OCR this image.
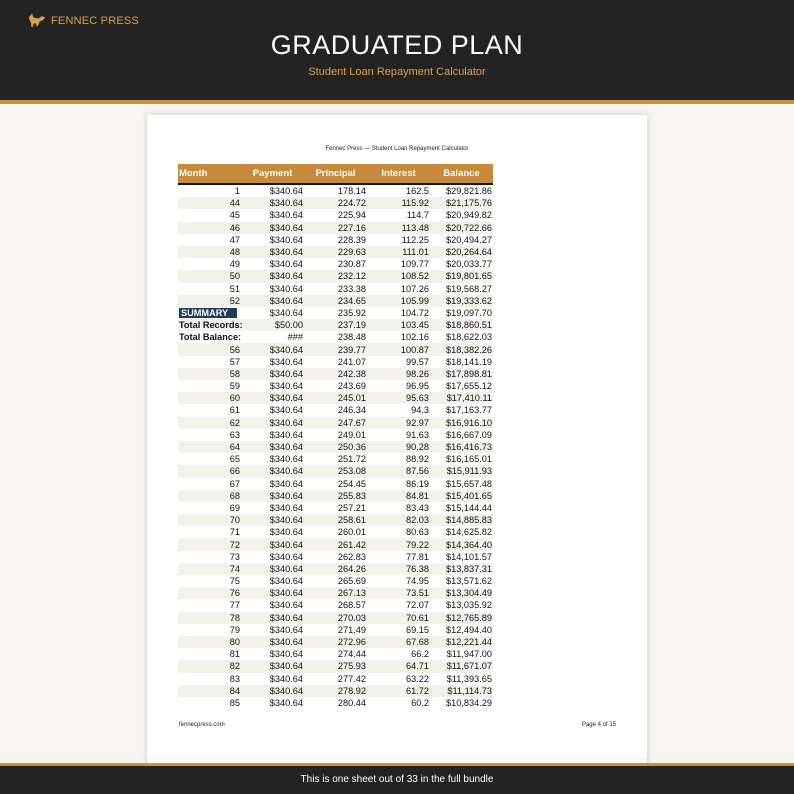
FENNEC PRESS
GRADUATED PLAN
Student Loan Repayment Calculator
Fennec Press — Student Loan Repayment Calculator
Month	Payment	Principal	Interest	Balance
1	$340.64	178.14	162.5	$29,821.86
44	$340.64	224.72	115.92	$21,175.76
45	$340.64	225.94	114.7	$20,949.82
46	$340.64	227.16	113.48	$20,722.66
47	$340.64	228.39	112.25	$20,494.27
48	$340.64	229.63	111.01	$20,264.64
49	$340.64	230.87	109.77	$20,033.77
50	$340.64	232.12	108.52	$19,801.65
51	$340.64	233.38	107.26	$19,568.27
52	$340.64	234.65	105.99	$19,333.62
SUMMARY	$340.64	235.92	104.72	$19,097.70
Total Records:	$50.00	237.19	103.45	$18,860.51
Total Balance:	###	238.48	102.16	$18,622.03
56	$340.64	239.77	100.87	$18,382.26
57	$340.64	241.07	99.57	$18,141.19
58	$340.64	242.38	98.26	$17,898.81
59	$340.64	243.69	96.95	$17,655.12
60	$340.64	245.01	95.63	$17,410.11
61	$340.64	246.34	94.3	$17,163.77
62	$340.64	247.67	92.97	$16,916.10
63	$340.64	249.01	91.63	$16,667.09
64	$340.64	250.36	90.28	$16,416.73
65	$340.64	251.72	88.92	$16,165.01
66	$340.64	253.08	87.56	$15,911.93
67	$340.64	254.45	86.19	$15,657.48
68	$340.64	255.83	84.81	$15,401.65
69	$340.64	257.21	83.43	$15,144.44
70	$340.64	258.61	82.03	$14,885.83
71	$340.64	260.01	80.63	$14,625.82
72	$340.64	261.42	79.22	$14,364.40
73	$340.64	262.83	77.81	$14,101.57
74	$340.64	264.26	76.38	$13,837.31
75	$340.64	265.69	74.95	$13,571.62
76	$340.64	267.13	73.51	$13,304.49
77	$340.64	268.57	72.07	$13,035.92
78	$340.64	270.03	70.61	$12,765.89
79	$340.64	271.49	69.15	$12,494.40
80	$340.64	272.96	67.68	$12,221.44
81	$340.64	274.44	66.2	$11,947.00
82	$340.64	275.93	64.71	$11,671.07
83	$340.64	277.42	63.22	$11,393.65
84	$340.64	278.92	61.72	$11,114.73
85	$340.64	280.44	60.2	$10,834.29
fennecpress.com	Page 4 of 15
This is one sheet out of 33 in the full bundle
